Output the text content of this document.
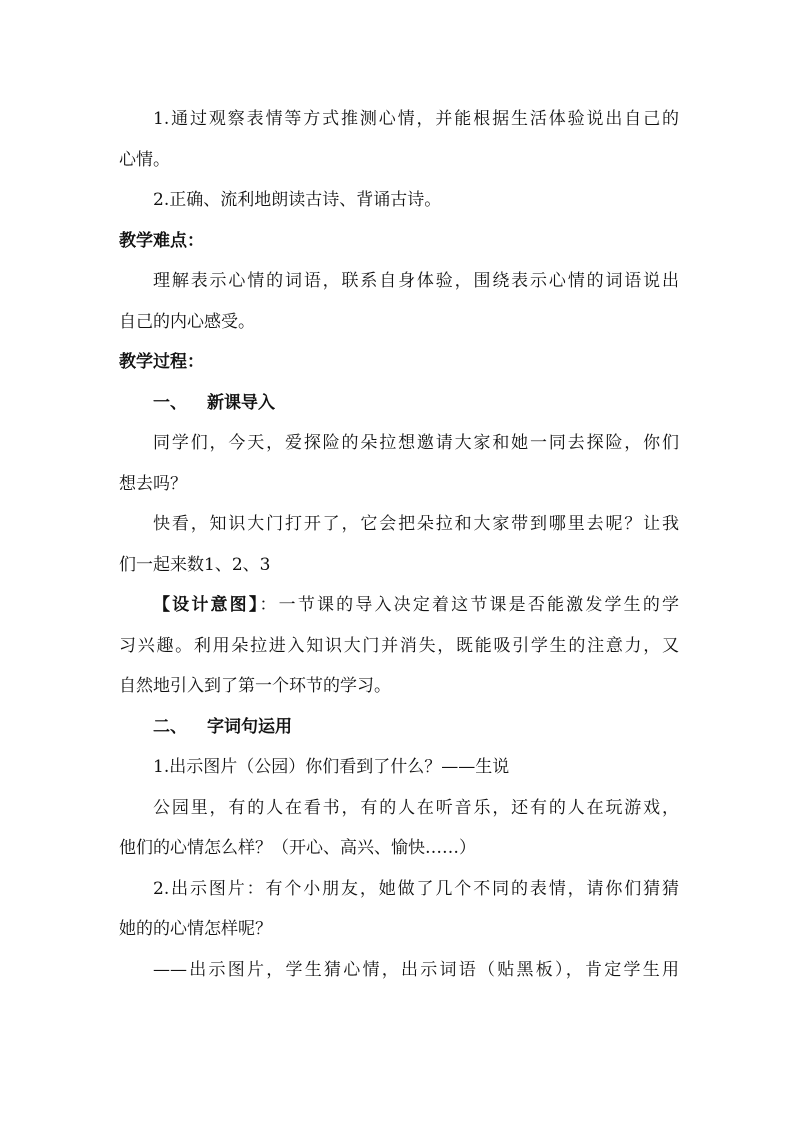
1.通过观察表情等方式推测心情，并能根据生活体验说出自己的
心情。
2.正确、流利地朗读古诗、背诵古诗。
教学难点：
理解表示心情的词语，联系自身体验，围绕表示心情的词语说出
自己的内心感受。
教学过程：
一、 新课导入
同学们，今天，爱探险的朵拉想邀请大家和她一同去探险，你们
想去吗？
快看，知识大门打开了，它会把朵拉和大家带到哪里去呢？让我
们一起来数1、2、3
【设计意图】：一节课的导入决定着这节课是否能激发学生的学
习兴趣。利用朵拉进入知识大门并消失，既能吸引学生的注意力，又
自然地引入到了第一个环节的学习。
二、 字词句运用
1.出示图片（公园）你们看到了什么？——生说
公园里，有的人在看书，有的人在听音乐，还有的人在玩游戏，
他们的心情怎么样？（开心、高兴、愉快……）
2.出示图片：有个小朋友，她做了几个不同的表情，请你们猜猜
她的的心情怎样呢？
——出示图片，学生猜心情，出示词语（贴黑板），肯定学生用
